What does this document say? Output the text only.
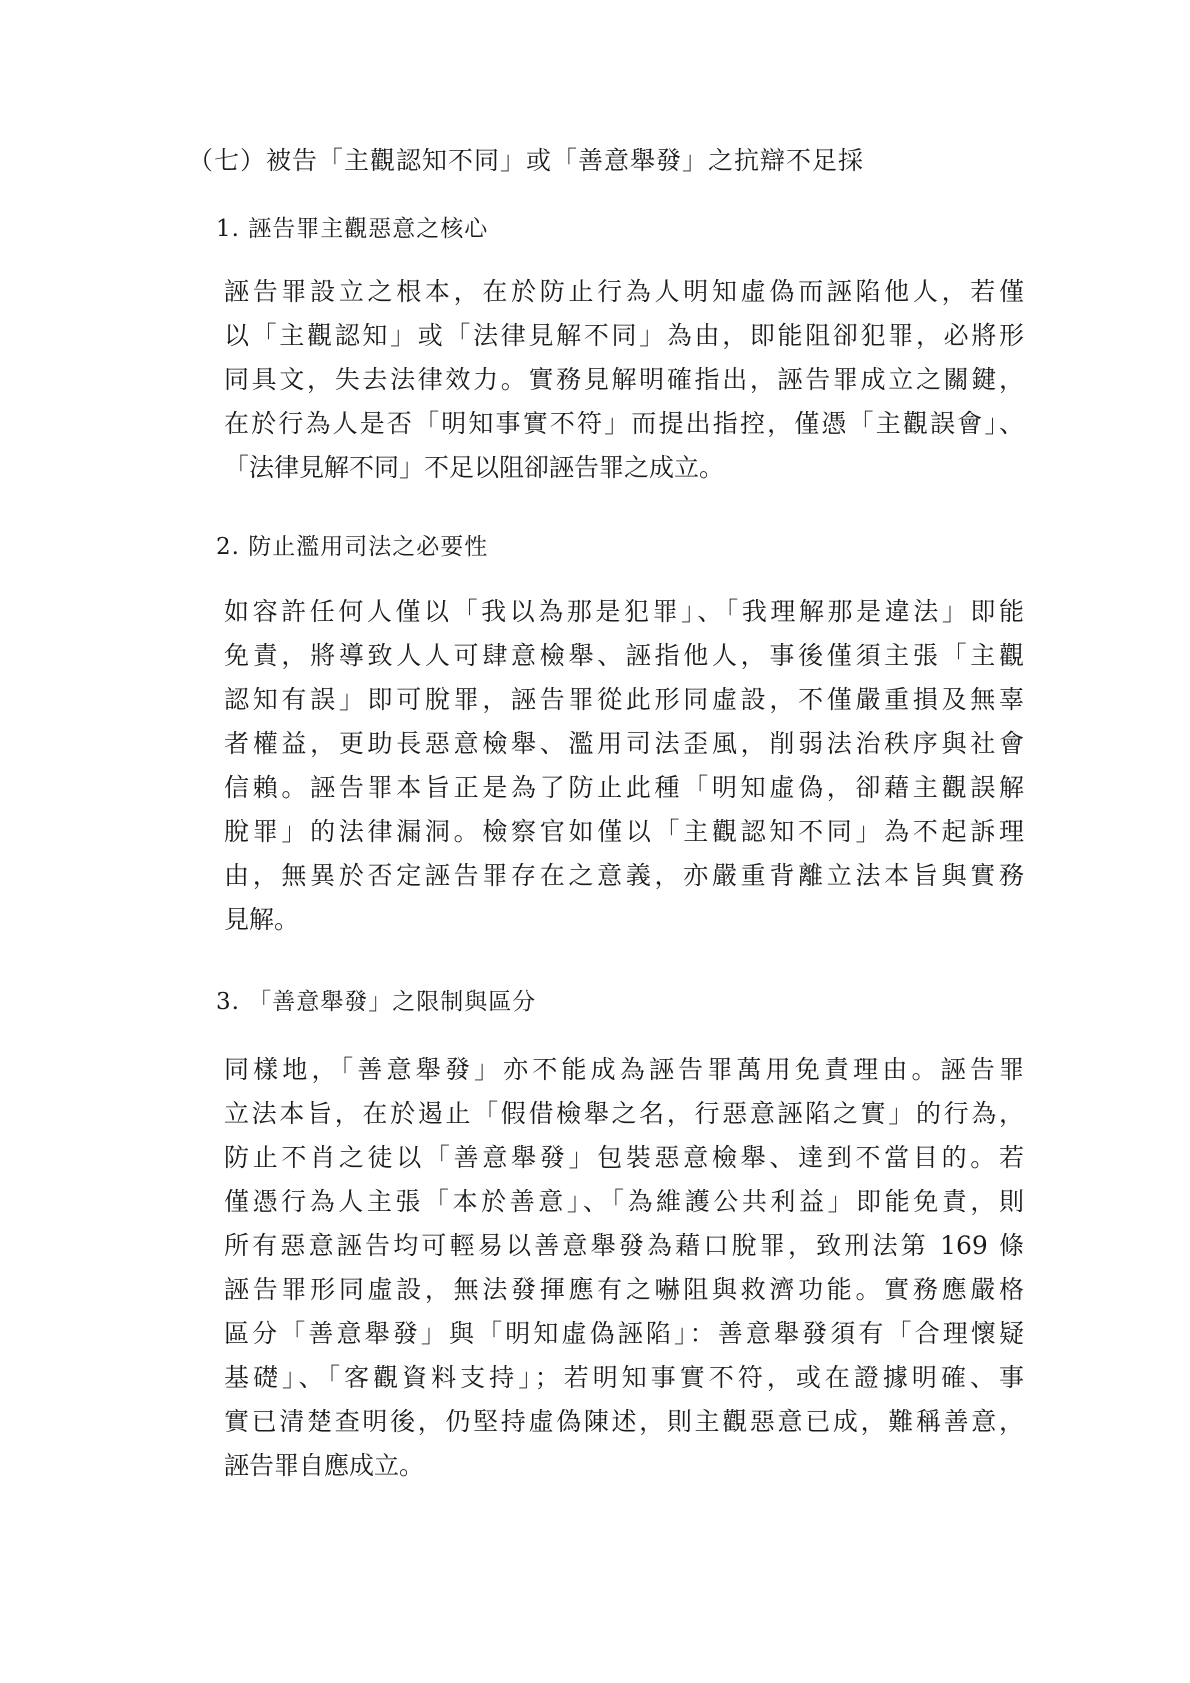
（七）被告「主觀認知不同」或「善意舉發」之抗辯不足採
1. 誣告罪主觀惡意之核心
誣告罪設立之根本，在於防止行為人明知虛偽而誣陷他人，若僅
以「主觀認知」或「法律見解不同」為由，即能阻卻犯罪，必將形
同具文，失去法律效力。實務見解明確指出，誣告罪成立之關鍵，
在於行為人是否「明知事實不符」而提出指控，僅憑「主觀誤會」、
「法律見解不同」不足以阻卻誣告罪之成立。
2. 防止濫用司法之必要性
如容許任何人僅以「我以為那是犯罪」、「我理解那是違法」即能
免責，將導致人人可肆意檢舉、誣指他人，事後僅須主張「主觀
認知有誤」即可脫罪，誣告罪從此形同虛設，不僅嚴重損及無辜
者權益，更助長惡意檢舉、濫用司法歪風，削弱法治秩序與社會
信賴。誣告罪本旨正是為了防止此種「明知虛偽，卻藉主觀誤解
脫罪」的法律漏洞。檢察官如僅以「主觀認知不同」為不起訴理
由，無異於否定誣告罪存在之意義，亦嚴重背離立法本旨與實務
見解。
3. 「善意舉發」之限制與區分
同樣地，「善意舉發」亦不能成為誣告罪萬用免責理由。誣告罪
立法本旨，在於遏止「假借檢舉之名，行惡意誣陷之實」的行為，
防止不肖之徒以「善意舉發」包裝惡意檢舉、達到不當目的。若
僅憑行為人主張「本於善意」、「為維護公共利益」即能免責，則
所有惡意誣告均可輕易以善意舉發為藉口脫罪，致刑法第 169 條
誣告罪形同虛設，無法發揮應有之嚇阻與救濟功能。實務應嚴格
區分「善意舉發」與「明知虛偽誣陷」：善意舉發須有「合理懷疑
基礎」、「客觀資料支持」；若明知事實不符，或在證據明確、事
實已清楚查明後，仍堅持虛偽陳述，則主觀惡意已成，難稱善意，
誣告罪自應成立。
